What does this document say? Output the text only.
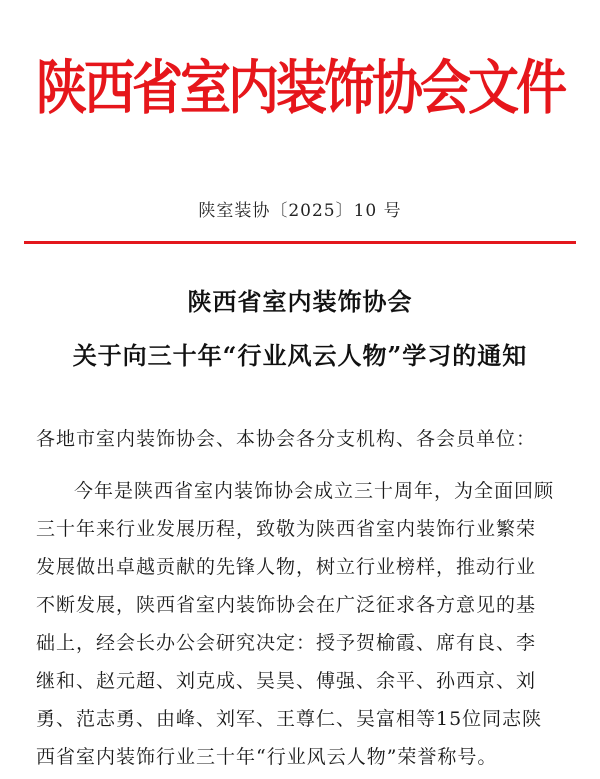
陕西省室内装饰协会文件
陕室装协〔2025〕10 号
陕西省室内装饰协会
关于向三十年“行业风云人物”学习的通知
各地市室内装饰协会、本协会各分支机构、各会员单位：
今年是陕西省室内装饰协会成立三十周年，为全面回顾
三十年来行业发展历程，致敬为陕西省室内装饰行业繁荣
发展做出卓越贡献的先锋人物，树立行业榜样，推动行业
不断发展，陕西省室内装饰协会在广泛征求各方意见的基
础上，经会长办公会研究决定：授予贺榆霞、席有良、李
继和、赵元超、刘克成、吴昊、傅强、余平、孙西京、刘
勇、范志勇、由峰、刘军、王尊仁、吴富相等15位同志陕
西省室内装饰行业三十年“行业风云人物”荣誉称号。
